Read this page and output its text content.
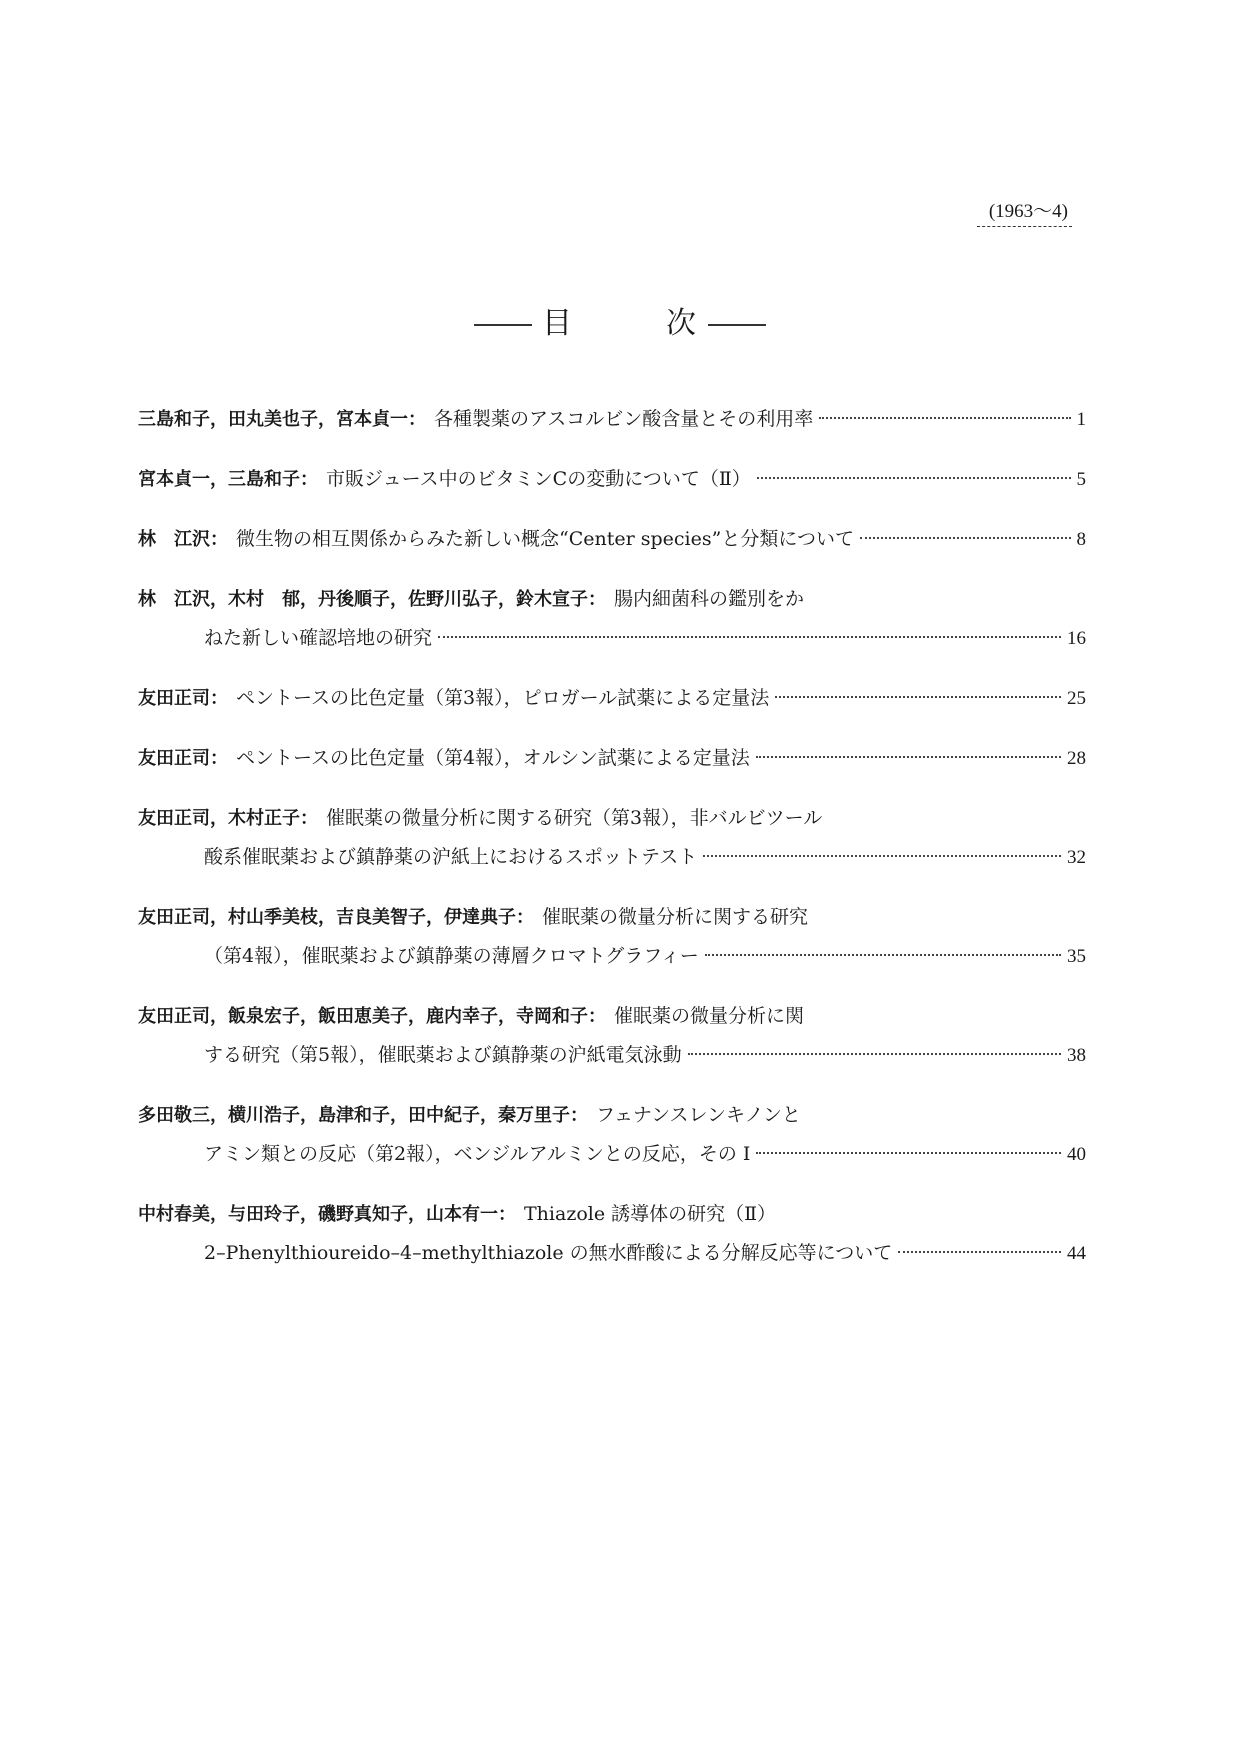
(1963～4)
目	次
三島和子，田丸美也子，宮本貞一： 各種製薬のアスコルビン酸含量とその利用率	1
宮本貞一，三島和子： 市販ジュース中のビタミンCの変動について（Ⅱ）	5
林　江沢： 微生物の相互関係からみた新しい概念“Center species”と分類について	8
林　江沢，木村　郁，丹後順子，佐野川弘子，鈴木宣子： 腸内細菌科の鑑別をか
ねた新しい確認培地の研究	16
友田正司： ペントースの比色定量（第3報），ピロガール試薬による定量法	25
友田正司： ペントースの比色定量（第4報），オルシン試薬による定量法	28
友田正司，木村正子： 催眠薬の微量分析に関する研究（第3報），非バルビツール
酸系催眠薬および鎮静薬の沪紙上におけるスポットテスト	32
友田正司，村山季美枝，吉良美智子，伊達典子： 催眠薬の微量分析に関する研究
（第4報），催眠薬および鎮静薬の薄層クロマトグラフィー	35
友田正司，飯泉宏子，飯田恵美子，鹿内幸子，寺岡和子： 催眠薬の微量分析に関
する研究（第5報），催眠薬および鎮静薬の沪紙電気泳動	38
多田敬三，横川浩子，島津和子，田中紀子，秦万里子： フェナンスレンキノンと
アミン類との反応（第2報），ベンジルアルミンとの反応，その I	40
中村春美，与田玲子，磯野真知子，山本有一： Thiazole 誘導体の研究（Ⅱ）
2–Phenylthioureido–4–methylthiazole の無水酢酸による分解反応等について	44
